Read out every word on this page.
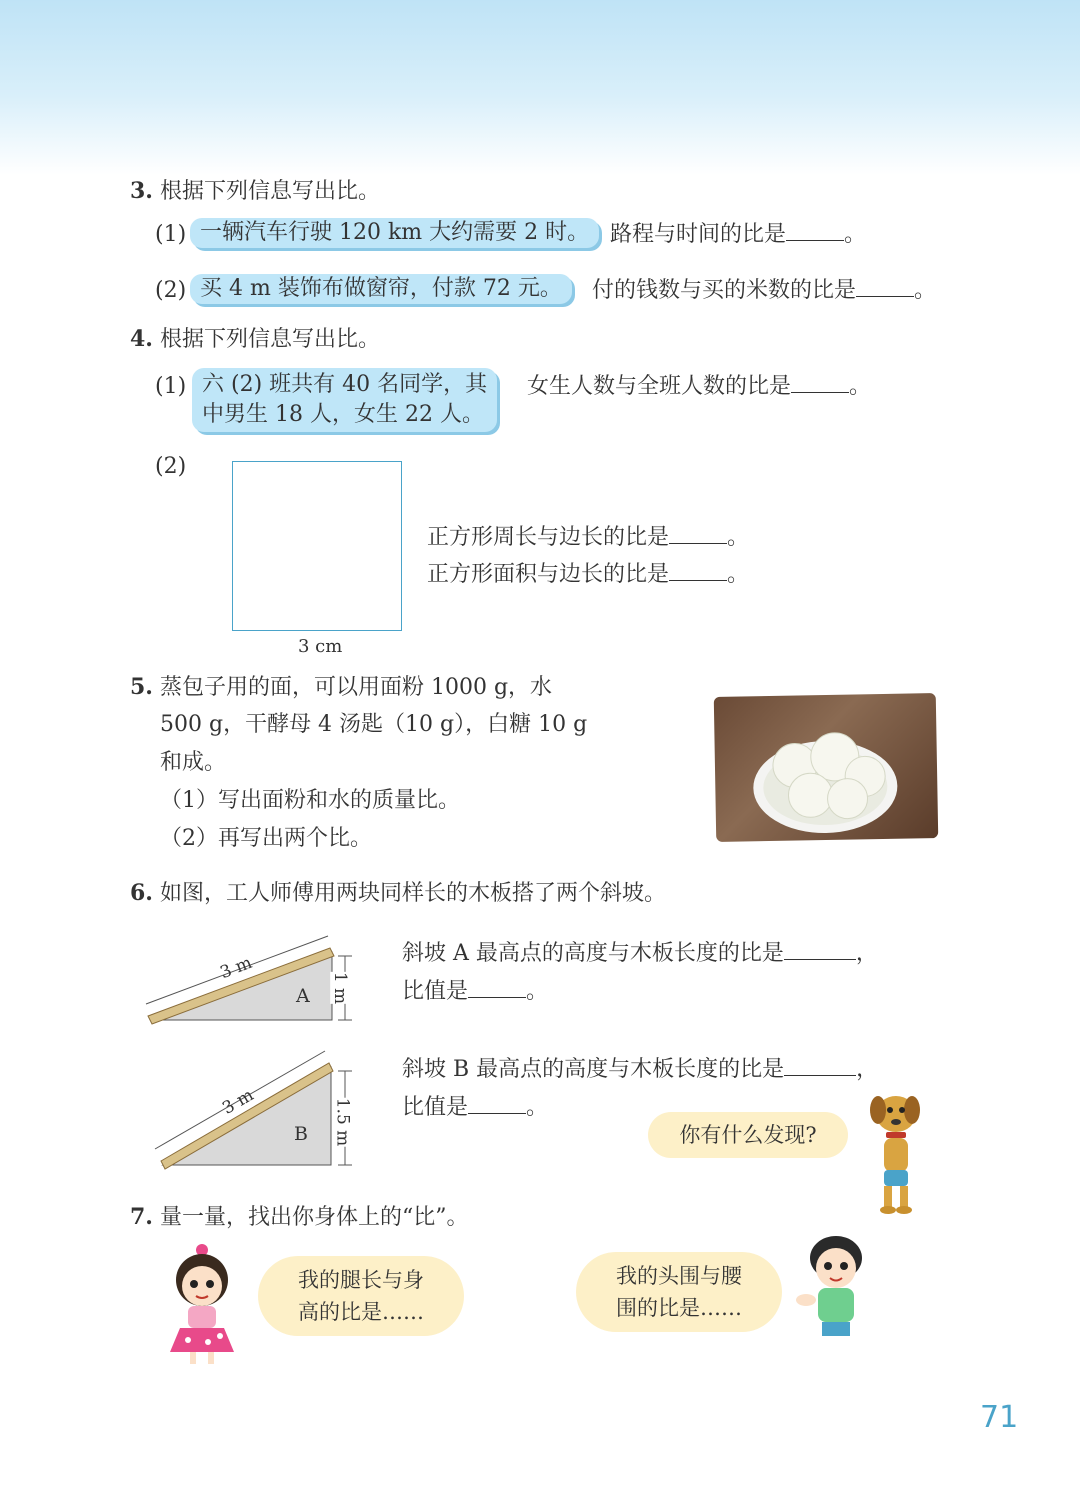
3. 根据下列信息写出比。
(1) 一辆汽车行驶 120 km 大约需要 2 时。 路程与时间的比是	。
(2) 买 4 m 装饰布做窗帘，付款 72 元。	付的钱数与买的米数的比是	。
4. 根据下列信息写出比。
(1) 六 (2) 班共有 40 名同学，其
中男生 18 人，女生 22 人。
女生人数与全班人数的比是	。
(2)
3 cm
正方形周长与边长的比是	。
正方形面积与边长的比是	。
5. 蒸包子用的面，可以用面粉 1000 g，水
500 g，干酵母 4 汤匙（10 g），白糖 10 g
和成。
（1）写出面粉和水的质量比。
（2）再写出两个比。
6. 如图，工人师傅用两块同样长的木板搭了两个斜坡。
3 m
A 1 m
斜坡 A 最高点的高度与木板长度的比是	，
比值是	。
3 m
B 1.5 m
斜坡 B 最高点的高度与木板长度的比是	，
比值是	。
你有什么发现?
7. 量一量，找出你身体上的“比”。
我的腿长与身
高的比是……
我的头围与腰
围的比是……
71
